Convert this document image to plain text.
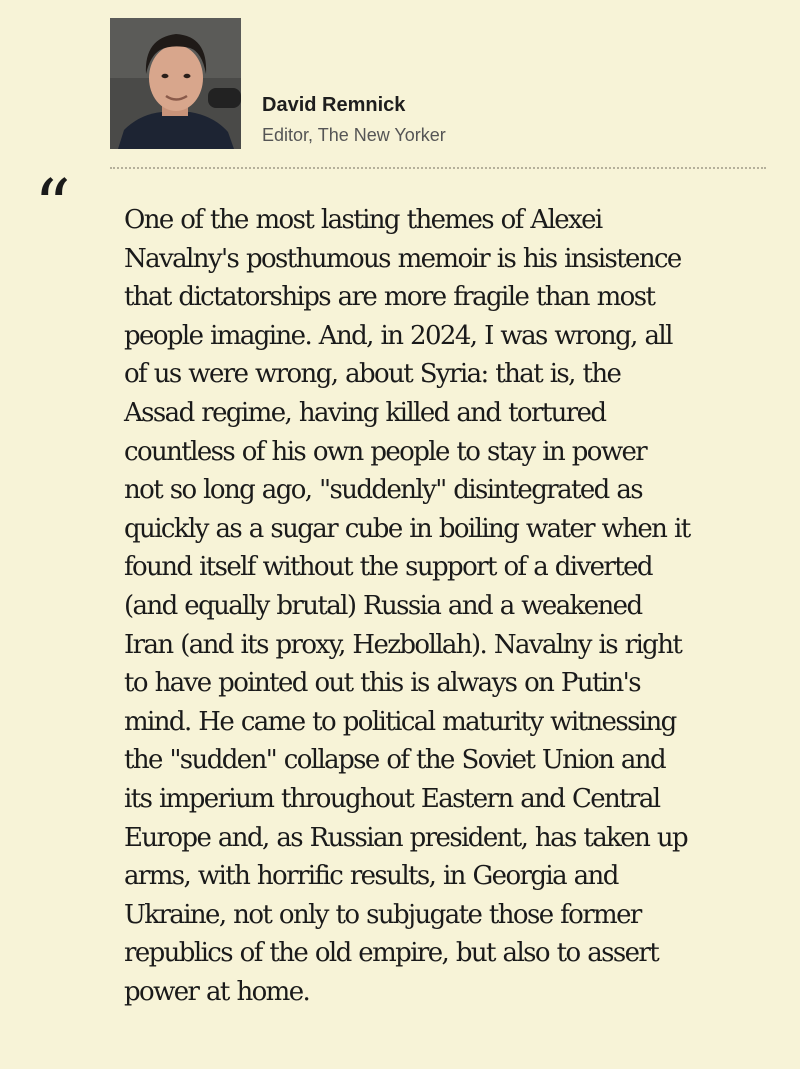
David Remnick
Editor, The New Yorker
“ One of the most lasting themes of Alexei
Navalny's posthumous memoir is his insistence
that dictatorships are more fragile than most
people imagine. And, in 2024, I was wrong, all
of us were wrong, about Syria: that is, the
Assad regime, having killed and tortured
countless of his own people to stay in power
not so long ago, "suddenly" disintegrated as
quickly as a sugar cube in boiling water when it
found itself without the support of a diverted
(and equally brutal) Russia and a weakened
Iran (and its proxy, Hezbollah). Navalny is right
to have pointed out this is always on Putin's
mind. He came to political maturity witnessing
the "sudden" collapse of the Soviet Union and
its imperium throughout Eastern and Central
Europe and, as Russian president, has taken up
arms, with horrific results, in Georgia and
Ukraine, not only to subjugate those former
republics of the old empire, but also to assert
power at home.
